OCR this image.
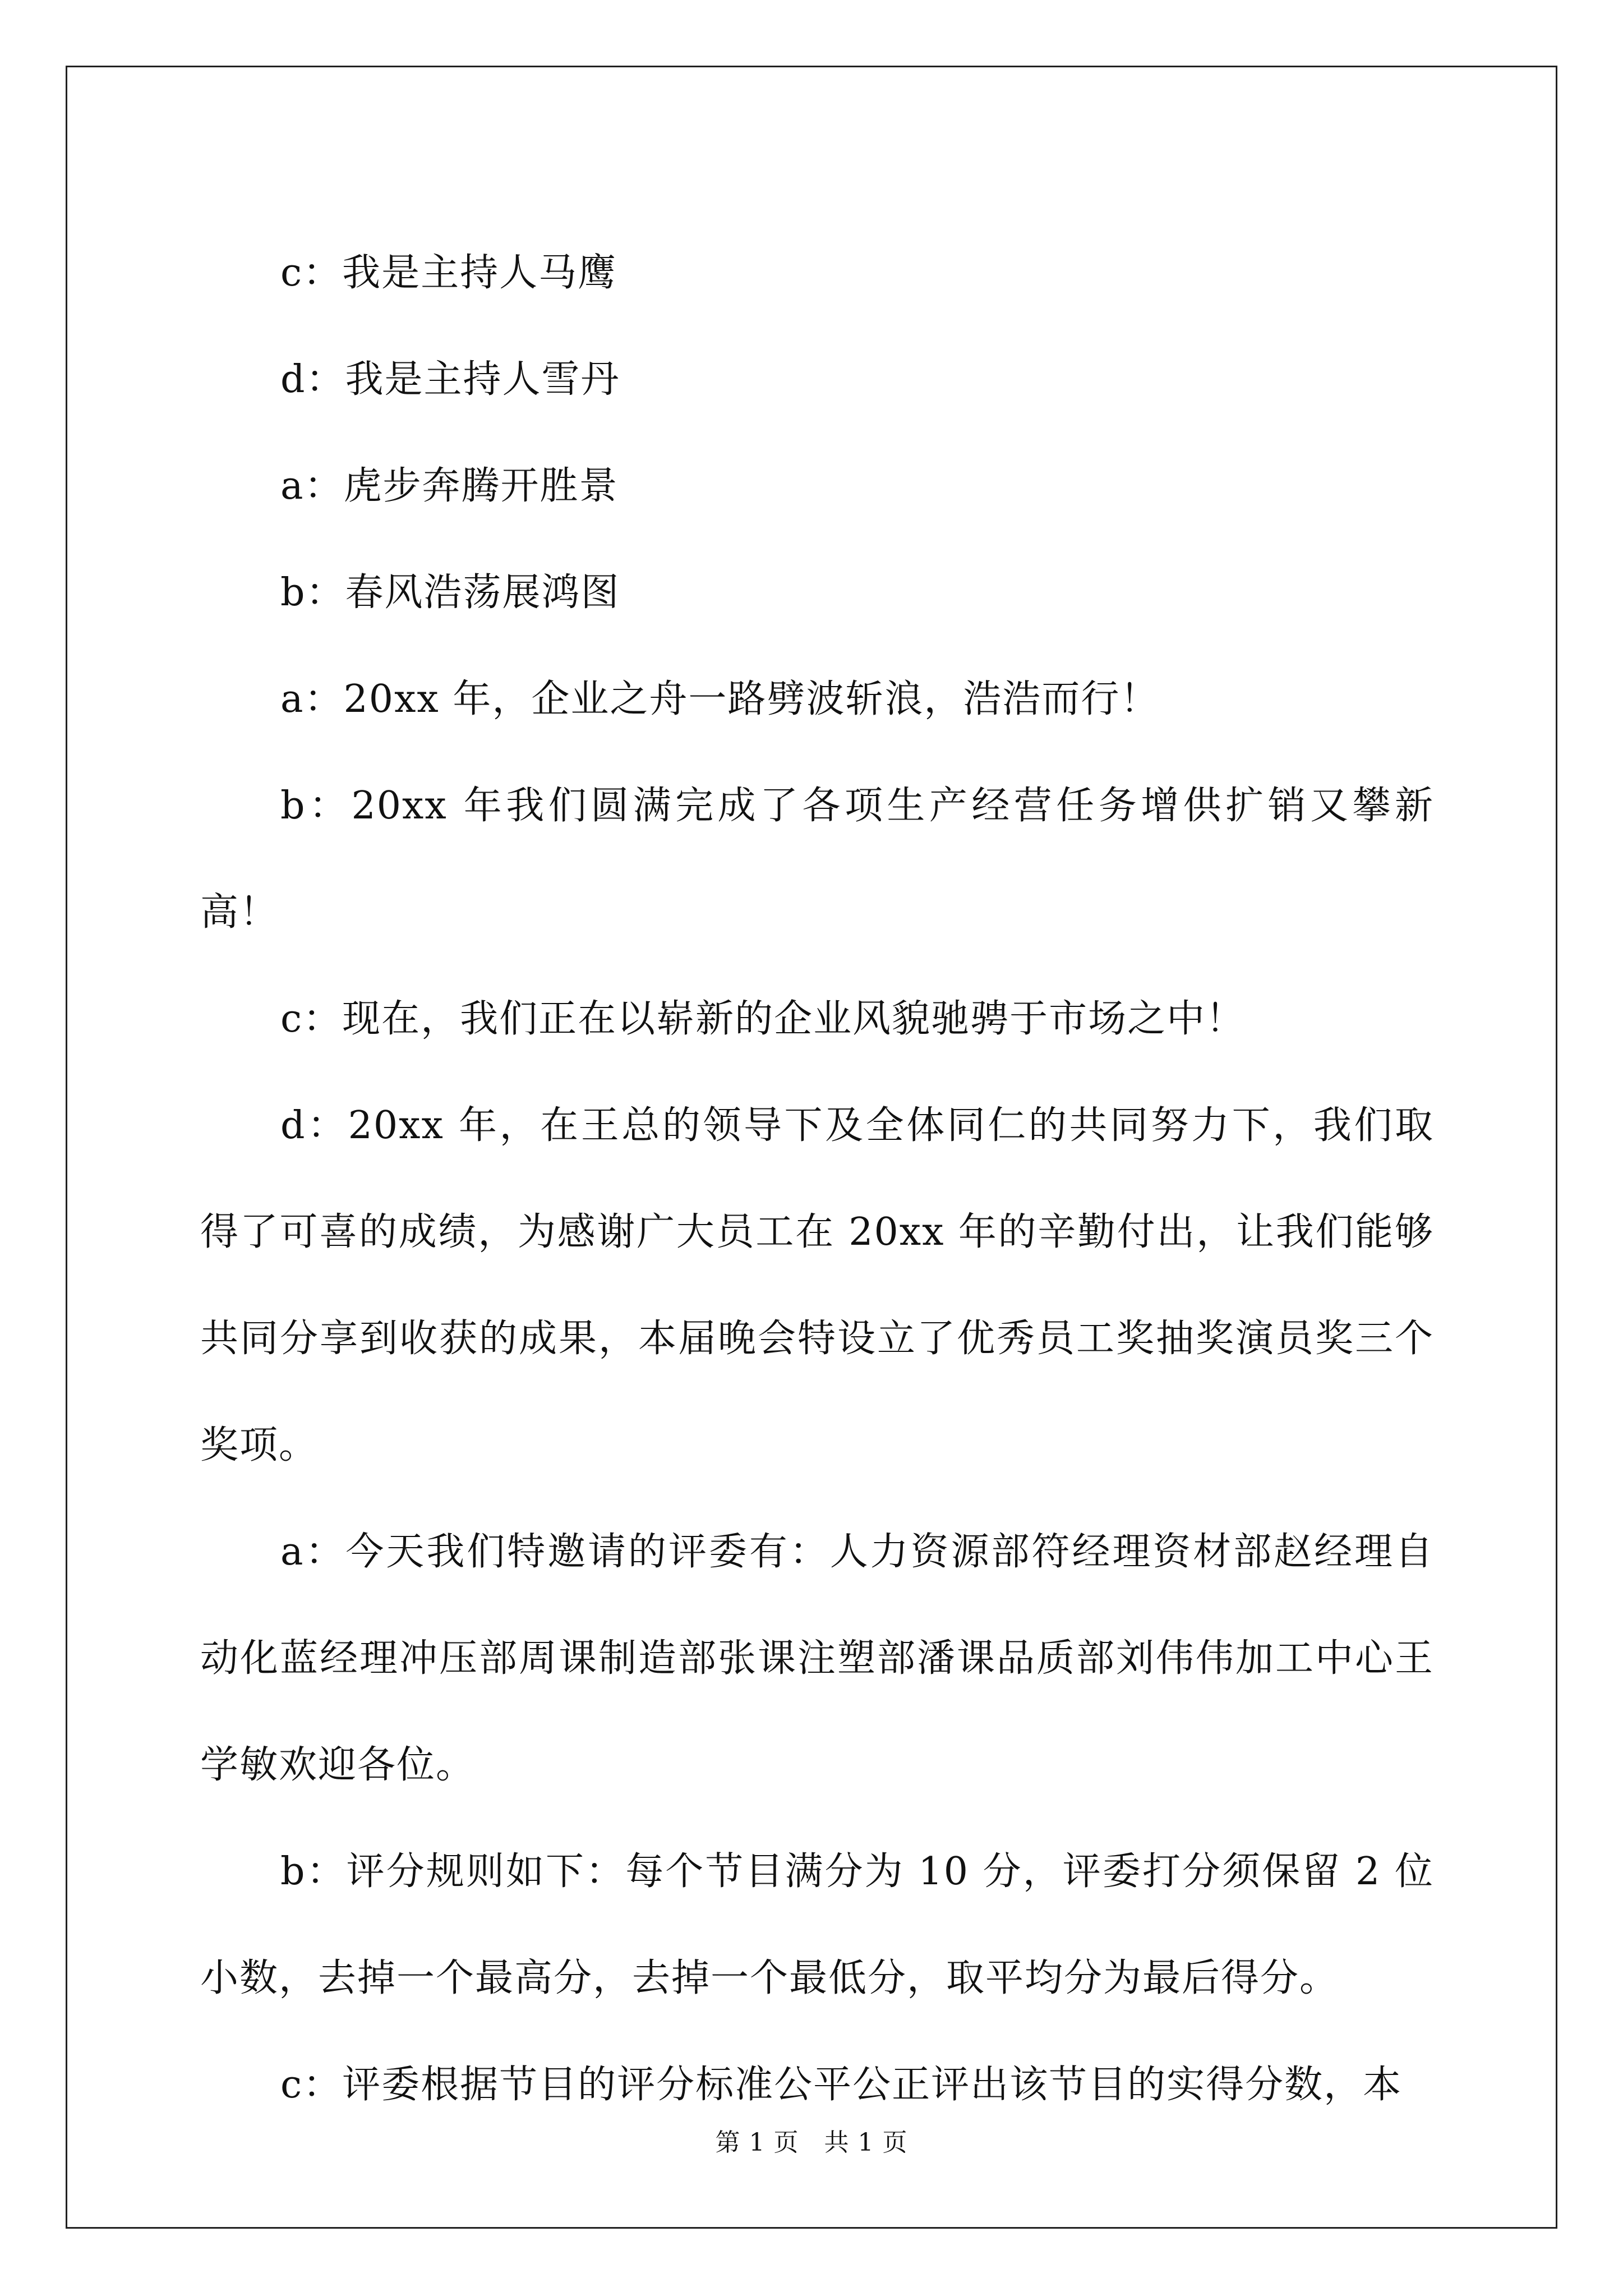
c：我是主持人马鹰

d：我是主持人雪丹

a：虎步奔腾开胜景

b：春风浩荡展鸿图

a：20xx 年，企业之舟一路劈波斩浪，浩浩而行！

b：20xx 年我们圆满完成了各项生产经营任务增供扩销又攀新高！

c：现在，我们正在以崭新的企业风貌驰骋于市场之中！

d：20xx 年，在王总的领导下及全体同仁的共同努力下，我们取得了可喜的成绩，为感谢广大员工在 20xx 年的辛勤付出，让我们能够共同分享到收获的成果，本届晚会特设立了优秀员工奖抽奖演员奖三个奖项。

a：今天我们特邀请的评委有：人力资源部符经理资材部赵经理自动化蓝经理冲压部周课制造部张课注塑部潘课品质部刘伟伟加工中心王学敏欢迎各位。

b：评分规则如下：每个节目满分为 10 分，评委打分须保留 2 位小数，去掉一个最高分，去掉一个最低分，取平均分为最后得分。

c：评委根据节目的评分标准公平公正评出该节目的实得分数，本

第 1 页　共 1 页
